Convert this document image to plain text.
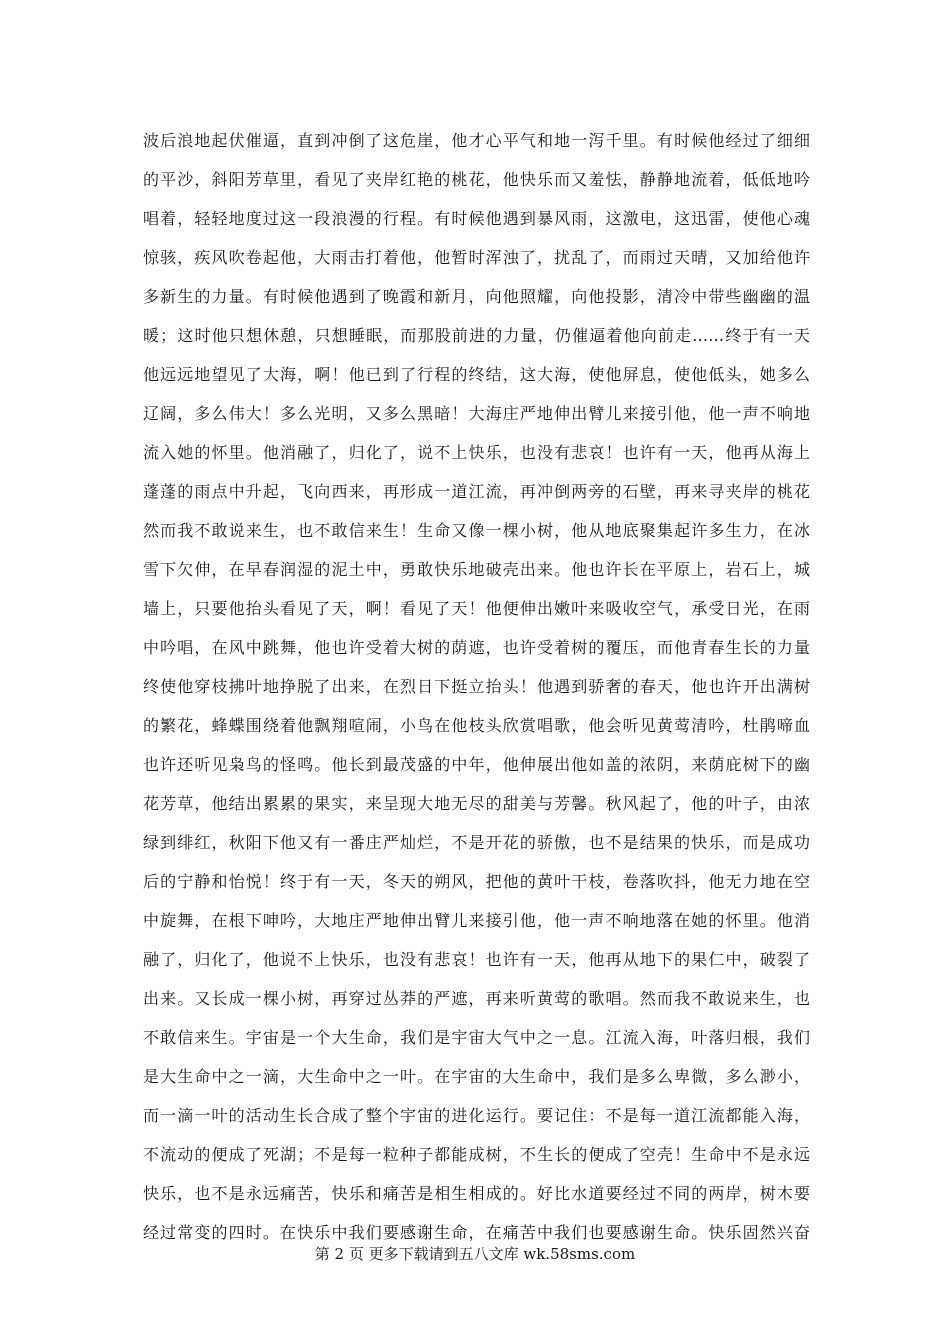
波后浪地起伏催逼，直到冲倒了这危崖，他才心平气和地一泻千里。有时候他经过了细细
的平沙，斜阳芳草里，看见了夹岸红艳的桃花，他快乐而又羞怯，静静地流着，低低地吟
唱着，轻轻地度过这一段浪漫的行程。有时候他遇到暴风雨，这激电，这迅雷，使他心魂
惊骇，疾风吹卷起他，大雨击打着他，他暂时浑浊了，扰乱了，而雨过天晴，又加给他许
多新生的力量。有时候他遇到了晚霞和新月，向他照耀，向他投影，清冷中带些幽幽的温
暖；这时他只想休憩，只想睡眠，而那股前进的力量，仍催逼着他向前走……终于有一天
他远远地望见了大海，啊！他已到了行程的终结，这大海，使他屏息，使他低头，她多么
辽阔，多么伟大！多么光明，又多么黑暗！大海庄严地伸出臂儿来接引他，他一声不响地
流入她的怀里。他消融了，归化了，说不上快乐，也没有悲哀！也许有一天，他再从海上
蓬蓬的雨点中升起，飞向西来，再形成一道江流，再冲倒两旁的石壁，再来寻夹岸的桃花
然而我不敢说来生，也不敢信来生！生命又像一棵小树，他从地底聚集起许多生力，在冰
雪下欠伸，在早春润湿的泥土中，勇敢快乐地破壳出来。他也许长在平原上，岩石上，城
墙上，只要他抬头看见了天，啊！看见了天！他便伸出嫩叶来吸收空气，承受日光，在雨
中吟唱，在风中跳舞，他也许受着大树的荫遮，也许受着树的覆压，而他青春生长的力量
终使他穿枝拂叶地挣脱了出来，在烈日下挺立抬头！他遇到骄奢的春天，他也许开出满树
的繁花，蜂蝶围绕着他飘翔喧闹，小鸟在他枝头欣赏唱歌，他会听见黄莺清吟，杜鹃啼血
也许还听见枭鸟的怪鸣。他长到最茂盛的中年，他伸展出他如盖的浓阴，来荫庇树下的幽
花芳草，他结出累累的果实，来呈现大地无尽的甜美与芳馨。秋风起了，他的叶子，由浓
绿到绯红，秋阳下他又有一番庄严灿烂，不是开花的骄傲，也不是结果的快乐，而是成功
后的宁静和怡悦！终于有一天，冬天的朔风，把他的黄叶干枝，卷落吹抖，他无力地在空
中旋舞，在根下呻吟，大地庄严地伸出臂儿来接引他，他一声不响地落在她的怀里。他消
融了，归化了，他说不上快乐，也没有悲哀！也许有一天，他再从地下的果仁中，破裂了
出来。又长成一棵小树，再穿过丛莽的严遮，再来听黄莺的歌唱。然而我不敢说来生，也
不敢信来生。宇宙是一个大生命，我们是宇宙大气中之一息。江流入海，叶落归根，我们
是大生命中之一滴，大生命中之一叶。在宇宙的大生命中，我们是多么卑微，多么渺小，
而一滴一叶的活动生长合成了整个宇宙的进化运行。要记住：不是每一道江流都能入海，
不流动的便成了死湖；不是每一粒种子都能成树，不生长的便成了空壳！生命中不是永远
快乐，也不是永远痛苦，快乐和痛苦是相生相成的。好比水道要经过不同的两岸，树木要
经过常变的四时。在快乐中我们要感谢生命，在痛苦中我们也要感谢生命。快乐固然兴奋
第 2 页 更多下载请到五八文库 wk.58sms.com
